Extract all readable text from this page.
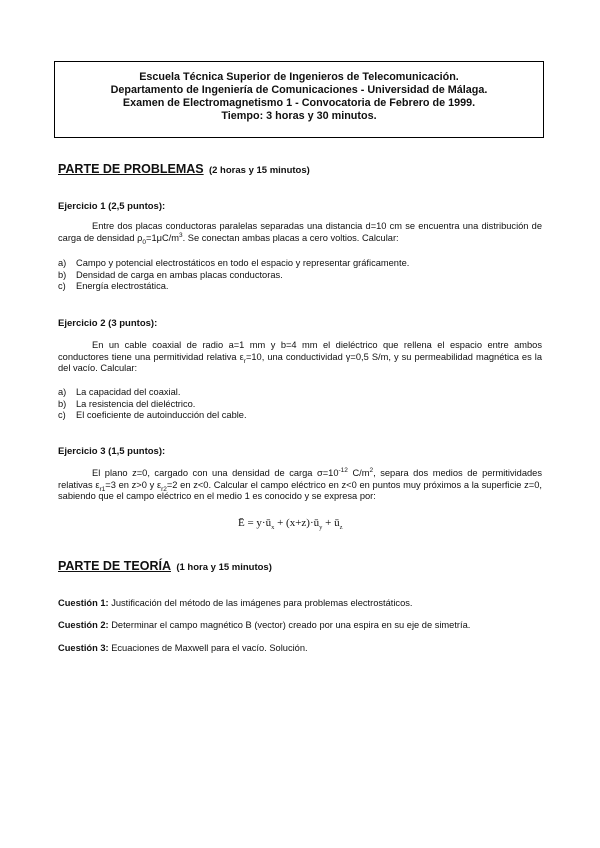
Escuela Técnica Superior de Ingenieros de Telecomunicación.
Departamento de Ingeniería de Comunicaciones - Universidad de Málaga.
Examen de Electromagnetismo 1 - Convocatoria de Febrero de 1999.
Tiempo: 3 horas y 30 minutos.
PARTE DE PROBLEMAS (2 horas y 15 minutos)
Ejercicio 1 (2,5 puntos):
Entre dos placas conductoras paralelas separadas una distancia d=10 cm se encuentra una distribución de carga de densidad $\rho_0=1\mu C/m^3$. Se conectan ambas placas a cero voltios. Calcular:
a)	Campo y potencial electrostáticos en todo el espacio y representar gráficamente.
b)	Densidad de carga en ambas placas conductoras.
c)	Energía electrostática.
Ejercicio 2 (3 puntos):
En un cable coaxial de radio a=1 mm y b=4 mm el dieléctrico que rellena el espacio entre ambos conductores tiene una permitividad relativa $\varepsilon_r=10$, una conductividad γ=0,5 S/m, y su permeabilidad magnética es la del vacío. Calcular:
a)	La capacidad del coaxial.
b)	La resistencia del dieléctrico.
c)	El coeficiente de autoinducción del cable.
Ejercicio 3 (1,5 puntos):
El plano z=0, cargado con una densidad de carga $\sigma=10^{-12}$ $C/m^2$, separa dos medios de permitividades relativas $\varepsilon_{r1}=3$ en z>0 y $\varepsilon_{r2}=2$ en z<0. Calcular el campo eléctrico en z<0 en puntos muy próximos a la superficie z=0, sabiendo que el campo eléctrico en el medio 1 es conocido y se expresa por:
Ē = $y\cdot ū_x$ + $(x+z)\cdot ū_y$ + $ū_z$
PARTE DE TEORÍA (1 hora y 15 minutos)
Cuestión 1: Justificación del método de las imágenes para problemas electrostáticos.
Cuestión 2: Determinar el campo magnético B (vector) creado por una espira en su eje de simetría.
Cuestión 3: Ecuaciones de Maxwell para el vacío. Solución.
